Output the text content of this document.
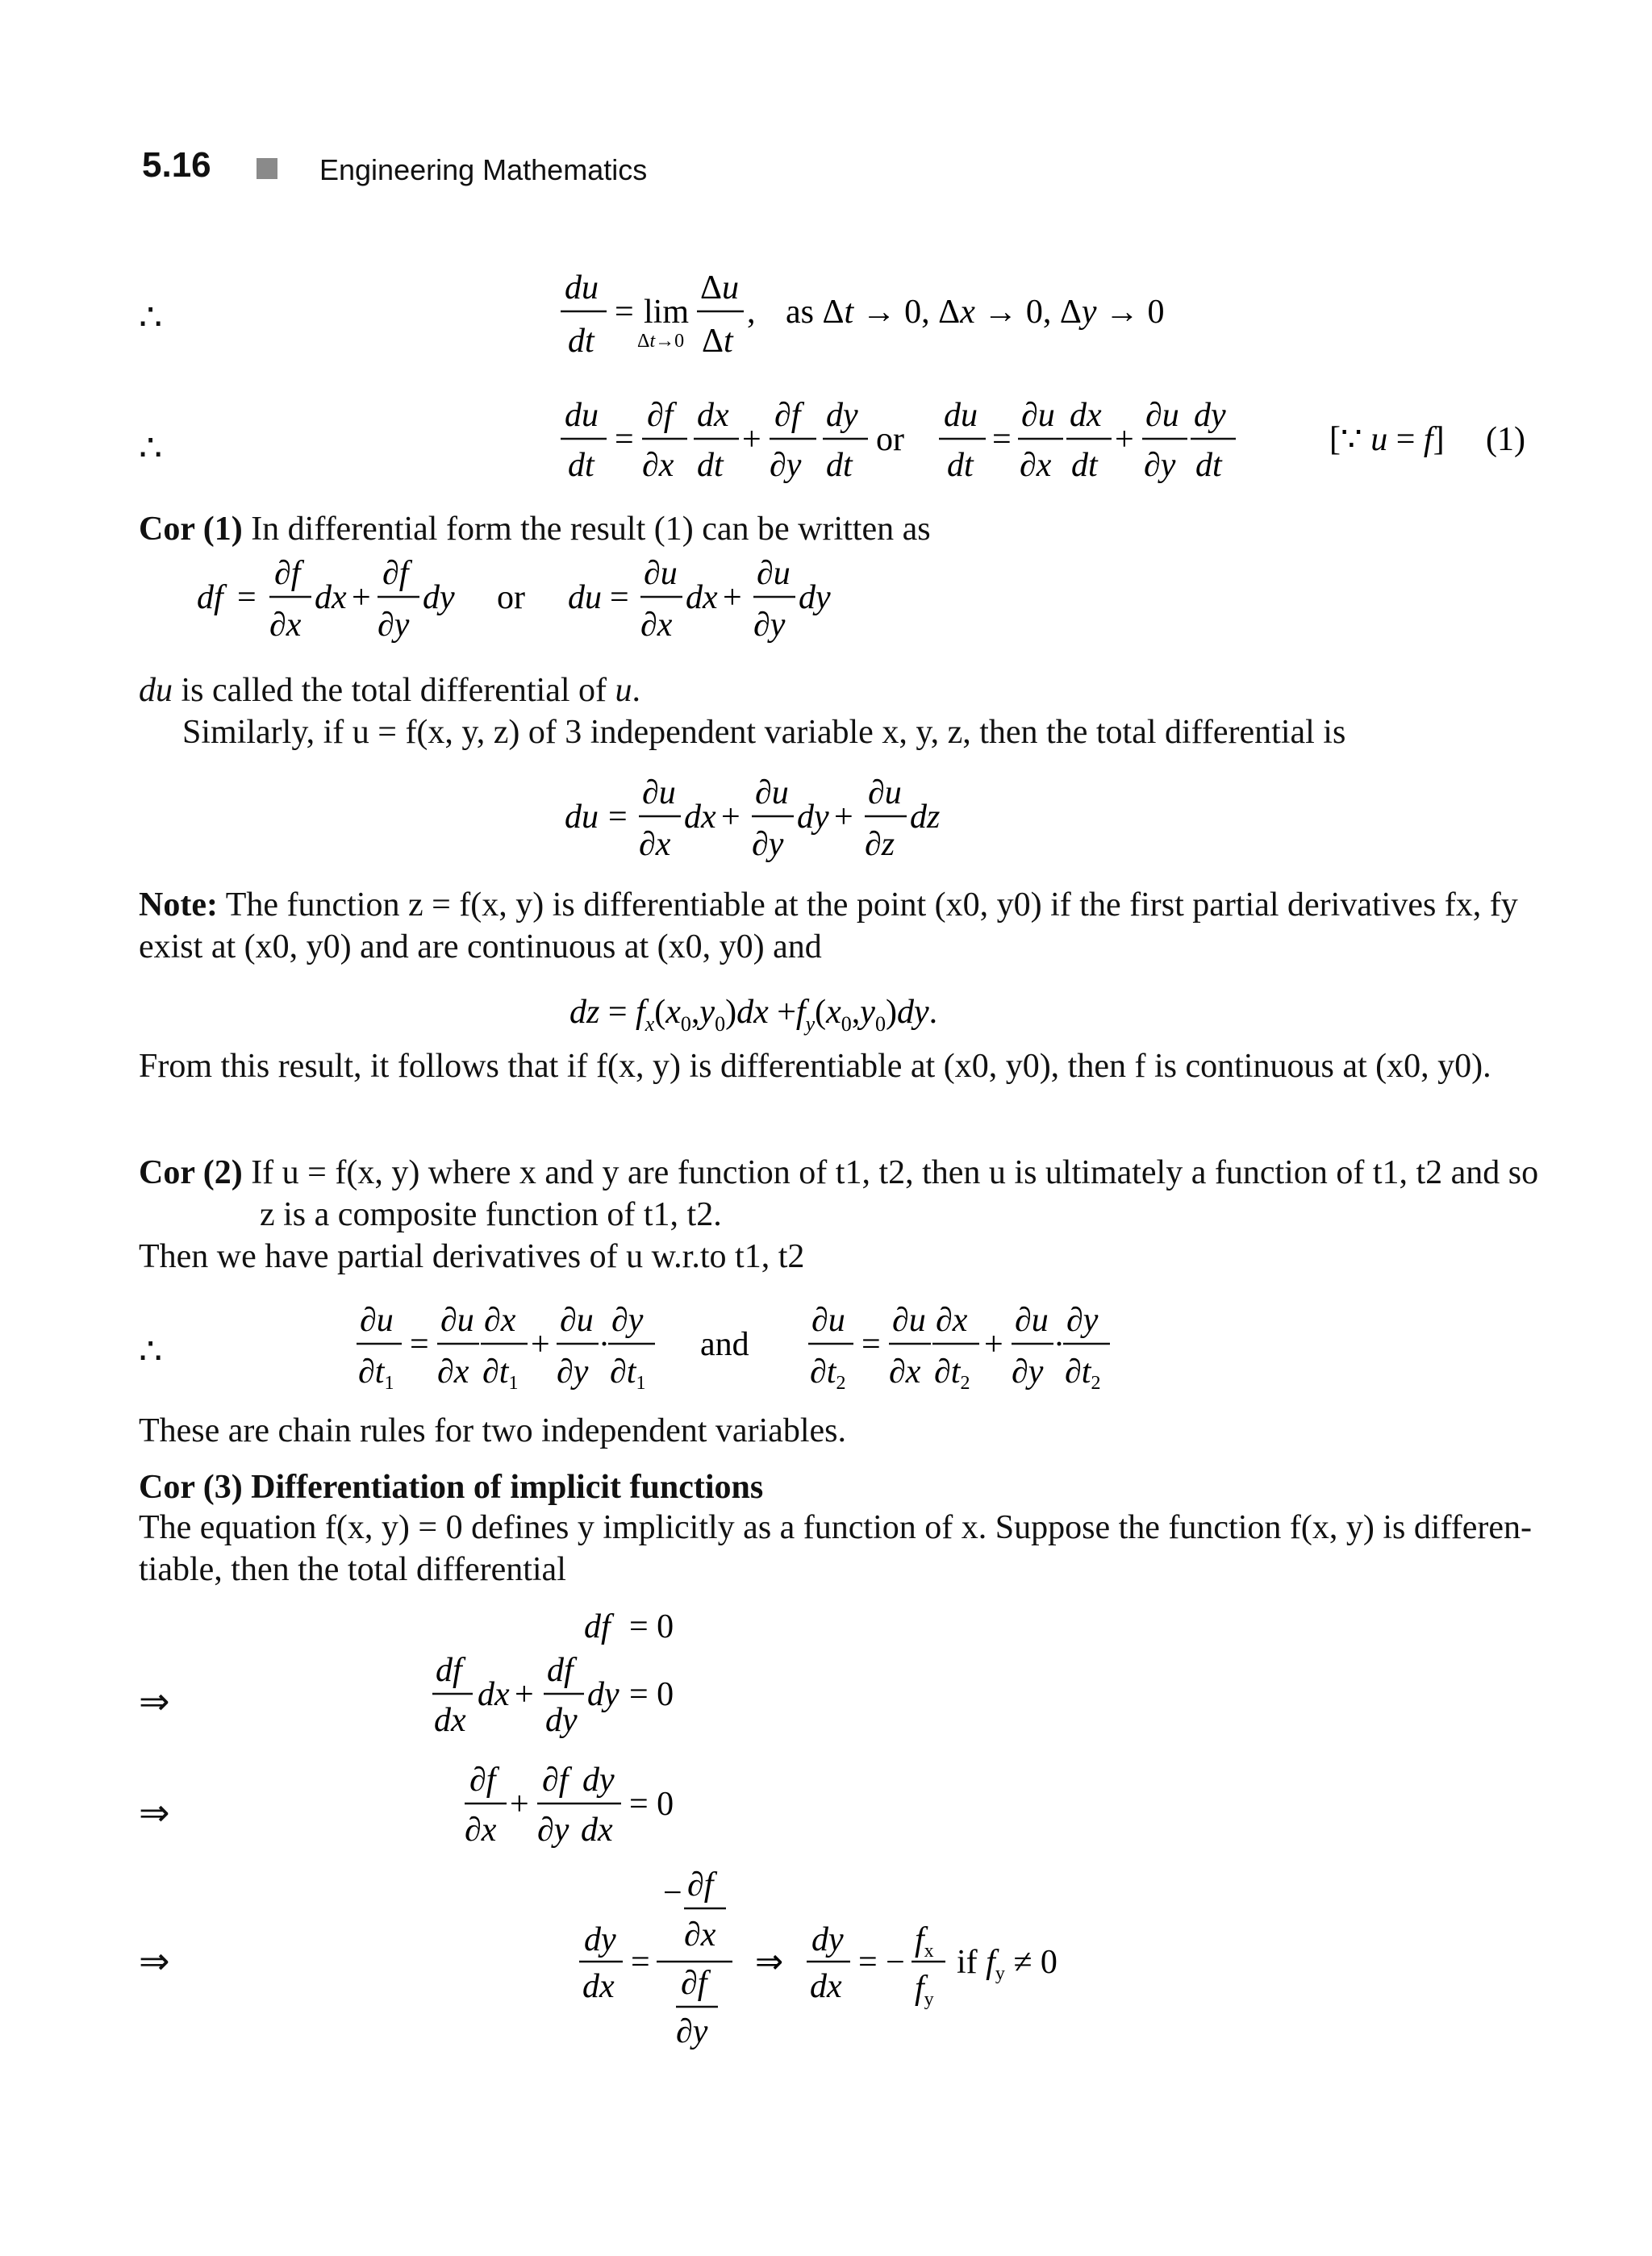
5.16	Engineering Mathematics
∴
du
dt
= lim
Δt→0
Δu
Δt
, as Δt → 0, Δx → 0, Δy → 0
∴
du
dt
=
∂f
∂x
dx
dt
+
∂f
∂y
dy
dt
or
du
dt
=
∂u
∂x
dx
dt
+
∂u
∂y
dy
dt
[∵ u = f] (1)
Cor (1) In differential form the result (1) can be written as
df =
∂f
∂x
dx +
∂f
∂y
dy or du =
∂u
∂x
dx +
∂u
∂y
dy
du is called the total differential of u.
Similarly, if u = f(x, y, z) of 3 independent variable x, y, z, then the total differential is
du =
∂u
∂x
dx +
∂u
∂y
dy +
∂u
∂z
dz
Note: The function z = f(x, y) is differentiable at the point (x0, y0) if the first partial derivatives fx, fy
exist at (x0, y0) and are continuous at (x0, y0) and
dz = $f_x(x_0,y_0)dx +f_y(x_0,y_0)dy$.
From this result, it follows that if f(x, y) is differentiable at (x0, y0), then f is continuous at (x0, y0).
Cor (2) If u = f(x, y) where x and y are function of t1, t2, then u is ultimately a function of t1, t2 and so
z is a composite function of t1, t2.
Then we have partial derivatives of u w.r.to t1, t2
∴
∂u
∂t1
=
∂u
∂x
∂x
∂t1
+
∂u
∂y
·
∂y
∂t1
and
∂u
∂t2
=
∂u
∂x
∂x
∂t2
+
∂u
∂y
·
∂y
∂t2
These are chain rules for two independent variables.
Cor (3) Differentiation of implicit functions
The equation f(x, y) = 0 defines y implicitly as a function of x. Suppose the function f(x, y) is differen-
tiable, then the total differential
df = 0
⇒
df
dx
dx +
df
dy
dy = 0
⇒
∂f
∂x
+
∂f
∂y
dy
dx
= 0
⇒
dy
dx
=
− ∂f
∂x
∂f
∂y
⇒
dy
dx
= −
fx
fy
if fy ≠ 0
